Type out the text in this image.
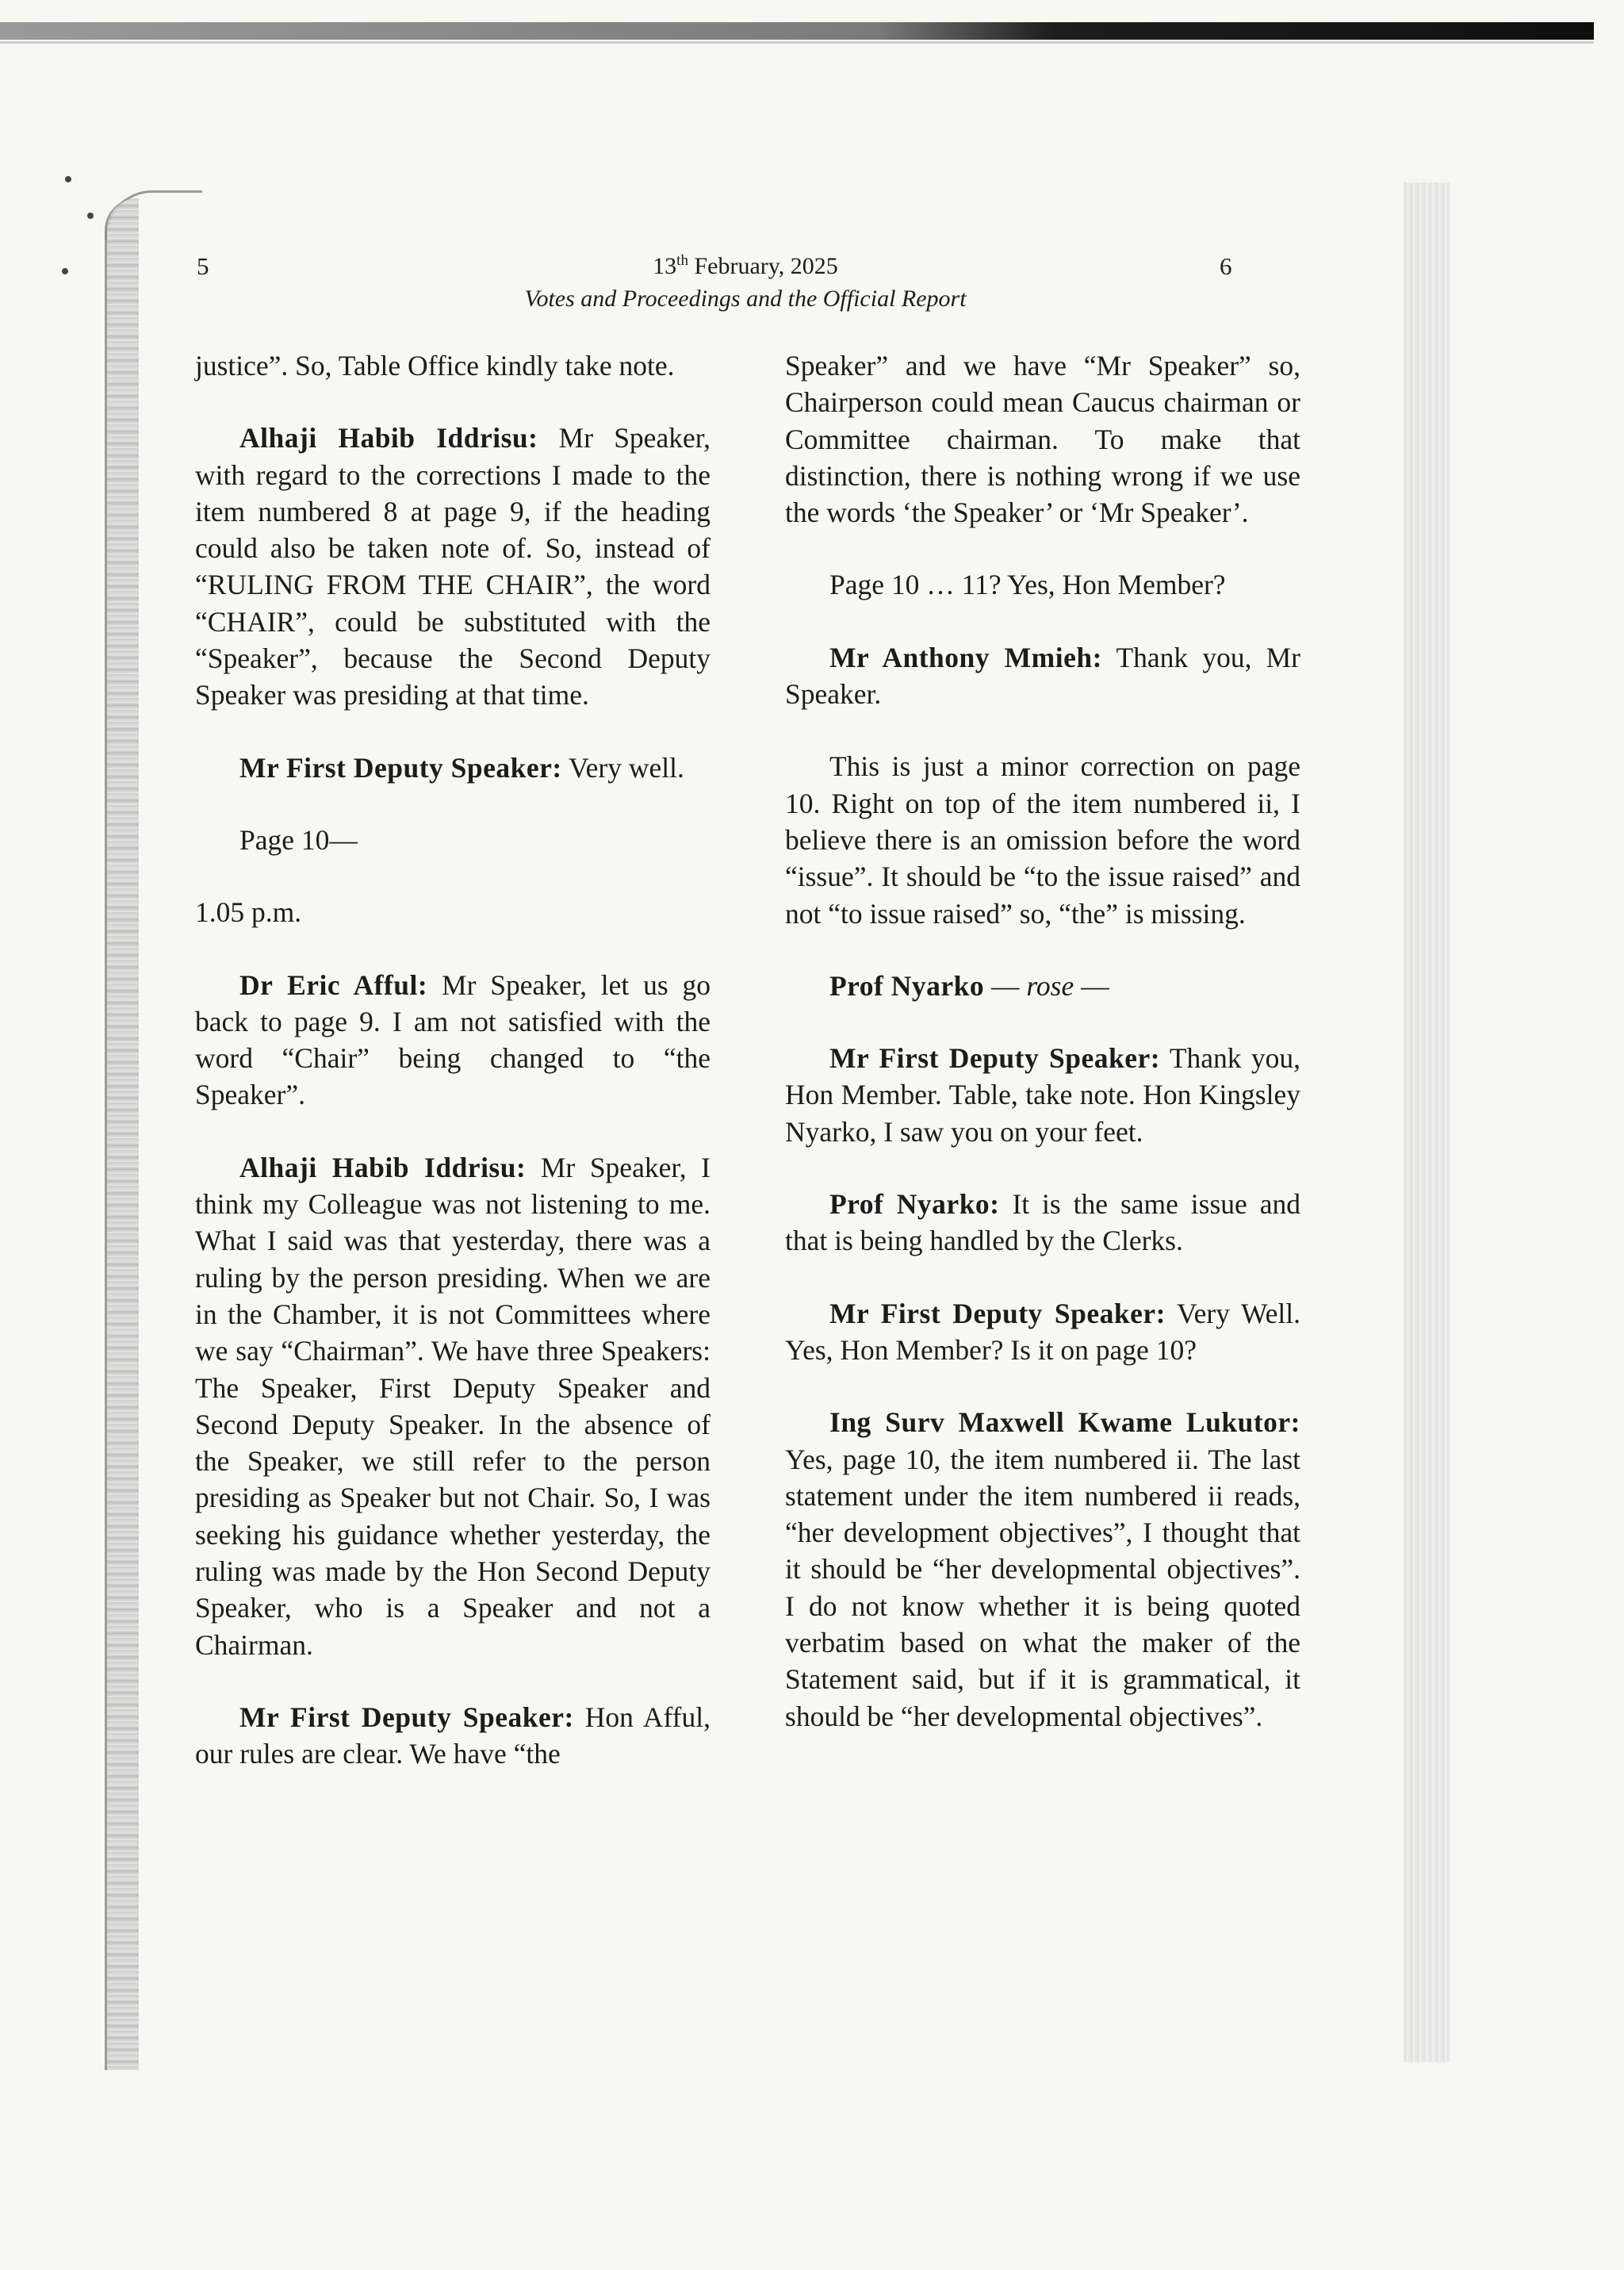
5	13th February, 2025
Votes and Proceedings and the Official Report
6

justice”. So, Table Office kindly take note.

Alhaji Habib Iddrisu: Mr Speaker, with regard to the corrections I made to the item numbered 8 at page 9, if the heading could also be taken note of. So, instead of “RULING FROM THE CHAIR”, the word “CHAIR”, could be substituted with the “Speaker”, because the Second Deputy Speaker was presiding at that time.

Mr First Deputy Speaker: Very well.

Page 10—

1.05 p.m.

Dr Eric Afful: Mr Speaker, let us go back to page 9. I am not satisfied with the word “Chair” being changed to “the Speaker”.

Alhaji Habib Iddrisu: Mr Speaker, I think my Colleague was not listening to me. What I said was that yesterday, there was a ruling by the person presiding. When we are in the Chamber, it is not Committees where we say “Chairman”. We have three Speakers: The Speaker, First Deputy Speaker and Second Deputy Speaker. In the absence of the Speaker, we still refer to the person presiding as Speaker but not Chair. So, I was seeking his guidance whether yesterday, the ruling was made by the Hon Second Deputy Speaker, who is a Speaker and not a Chairman.

Mr First Deputy Speaker: Hon Afful, our rules are clear. We have “the

Speaker” and we have “Mr Speaker” so, Chairperson could mean Caucus chairman or Committee chairman. To make that distinction, there is nothing wrong if we use the words ‘the Speaker’ or ‘Mr Speaker’.

Page 10 … 11? Yes, Hon Member?

Mr Anthony Mmieh: Thank you, Mr Speaker.

This is just a minor correction on page 10. Right on top of the item numbered ii, I believe there is an omission before the word “issue”. It should be “to the issue raised” and not “to issue raised” so, “the” is missing.

Prof Nyarko — rose —

Mr First Deputy Speaker: Thank you, Hon Member. Table, take note. Hon Kingsley Nyarko, I saw you on your feet.

Prof Nyarko: It is the same issue and that is being handled by the Clerks.

Mr First Deputy Speaker: Very Well. Yes, Hon Member? Is it on page 10?

Ing Surv Maxwell Kwame Lukutor: Yes, page 10, the item numbered ii. The last statement under the item numbered ii reads, “her development objectives”, I thought that it should be “her developmental objectives”. I do not know whether it is being quoted verbatim based on what the maker of the Statement said, but if it is grammatical, it should be “her developmental objectives”.
